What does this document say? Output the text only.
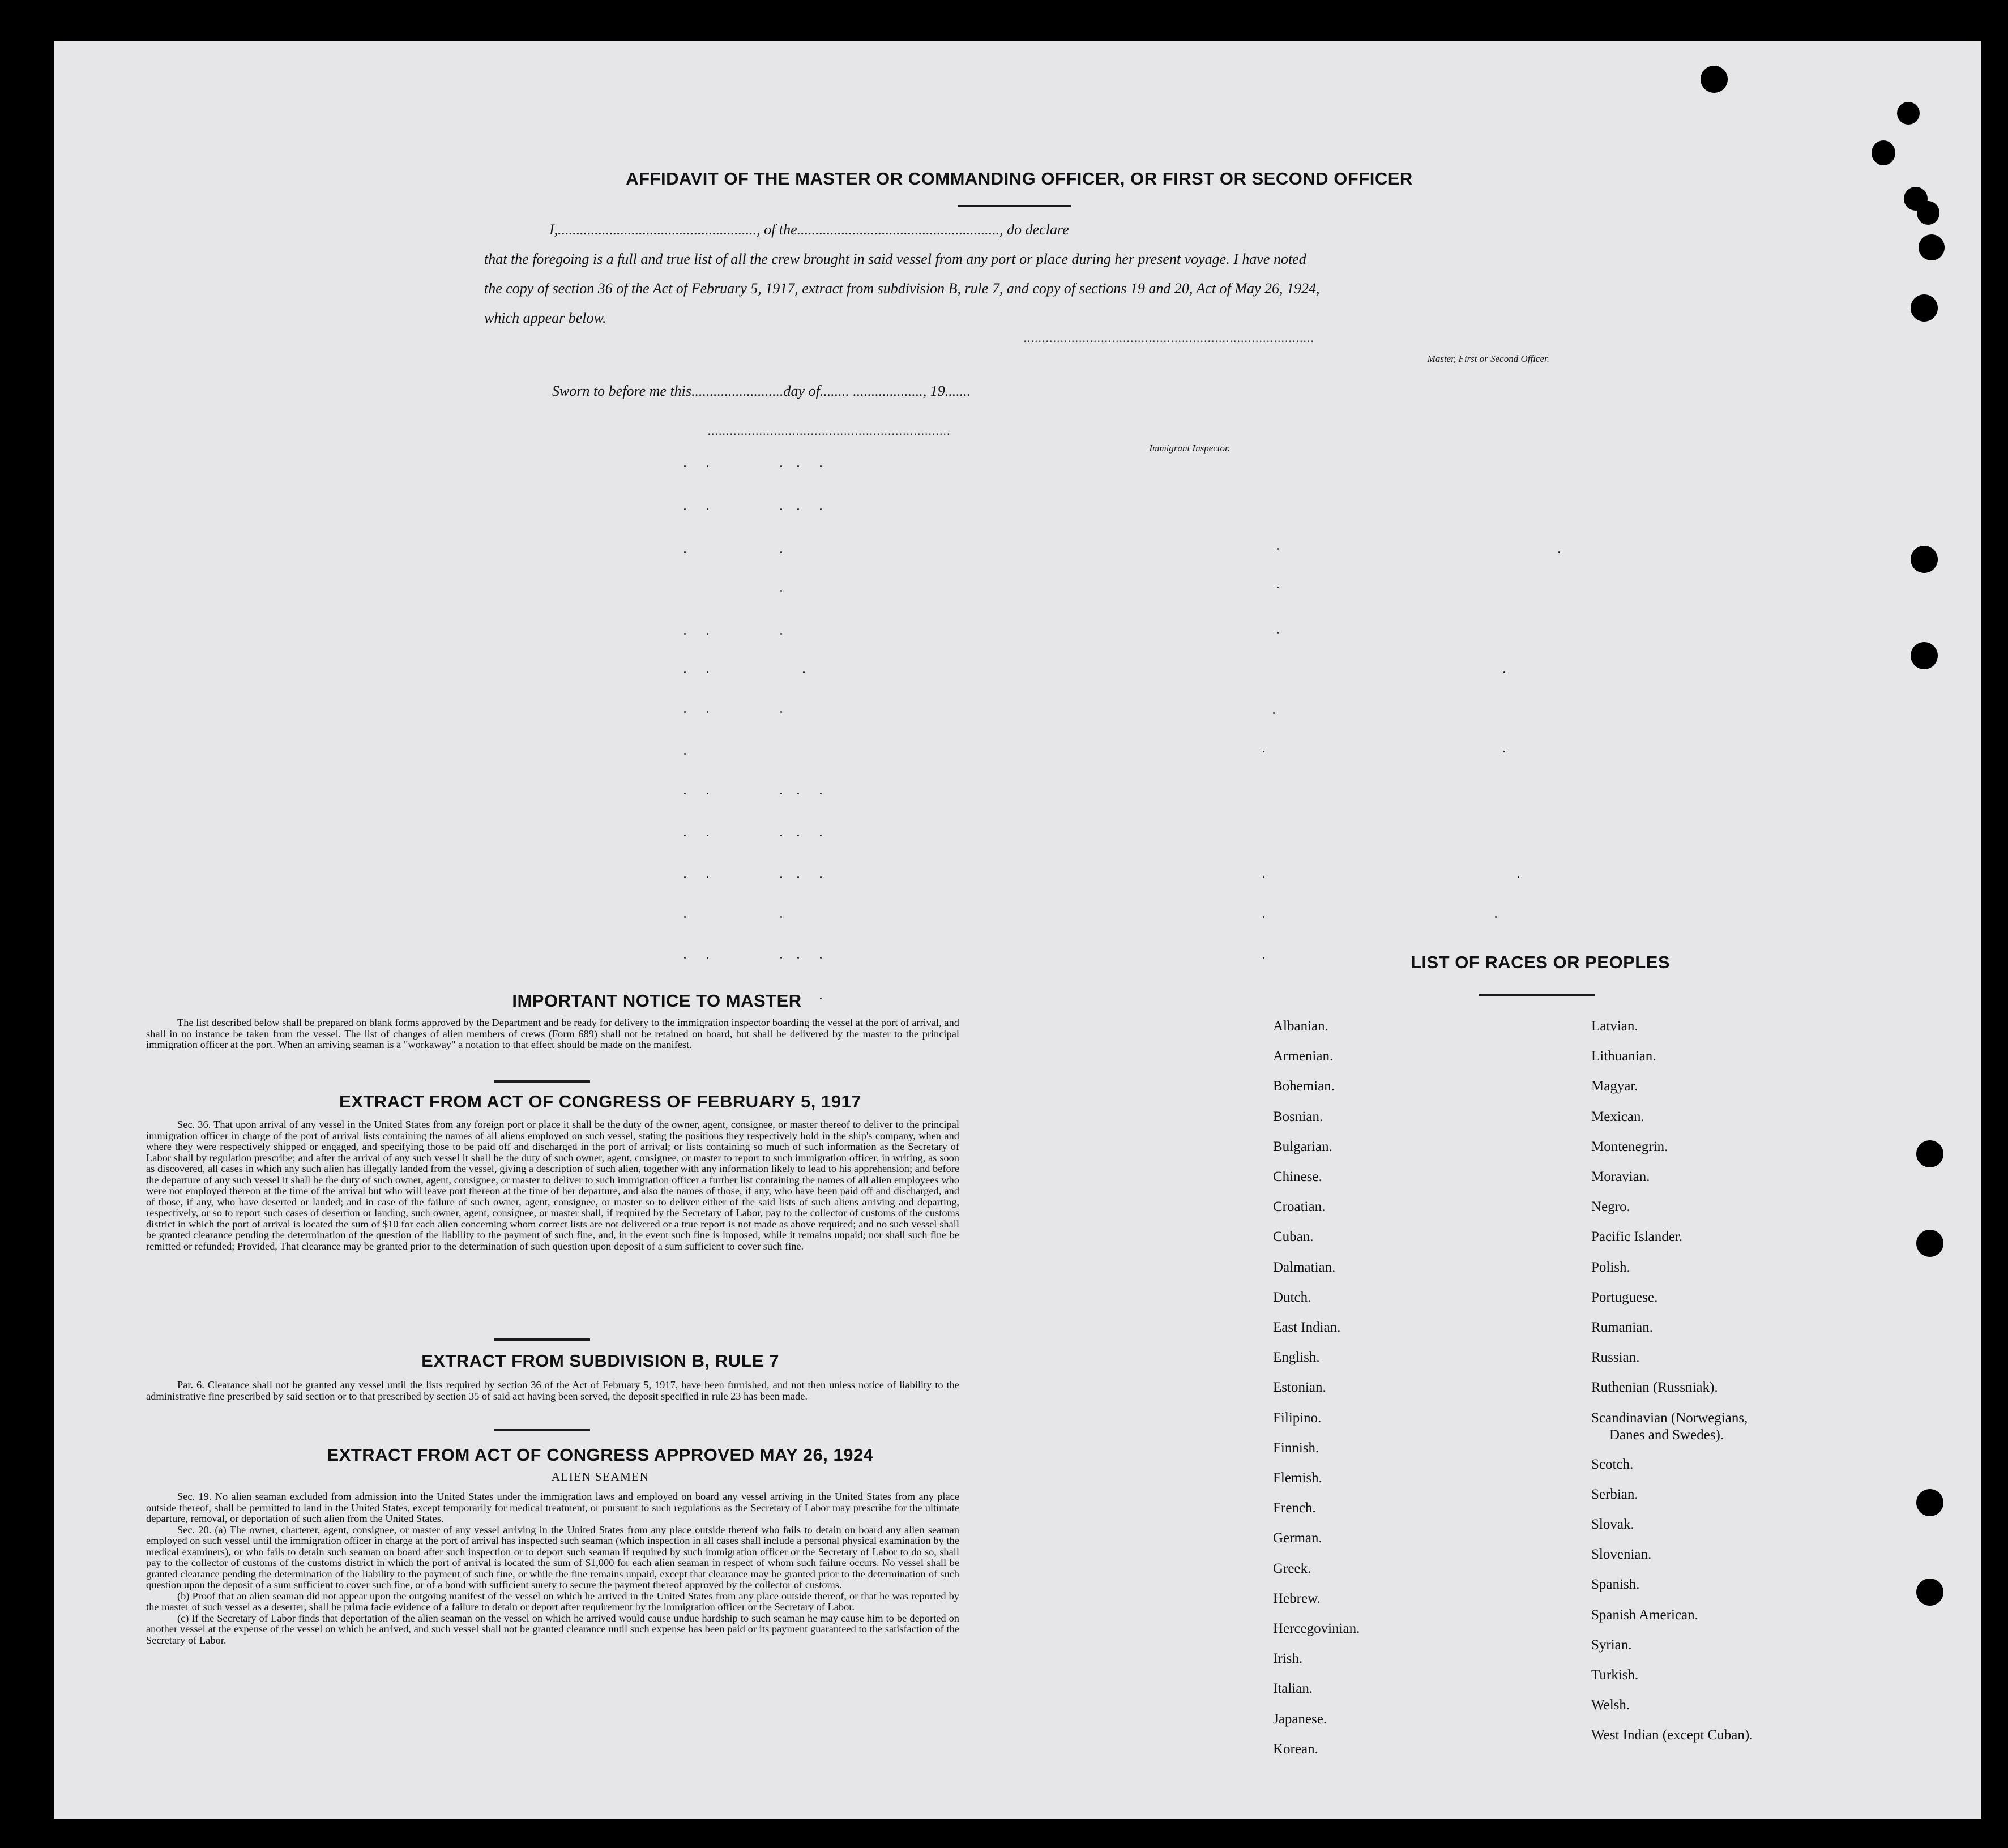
AFFIDAVIT OF THE MASTER OR COMMANDING OFFICER, OR FIRST OR SECOND OFFICER

I,......................................................, of the......................................................., do declare

that the foregoing is a full and true list of all the crew brought in said vessel from any port or place during her present voyage. I have noted

the copy of section 36 of the Act of February 5, 1917, extract from subdivision B, rule 7, and copy of sections 19 and 20, Act of May 26, 1924,

which appear below.

...............................................................................
Master, First or Second Officer.
Sworn to before me this.........................day of........ ..................., 19.......
..................................................................
Immigrant Inspector.
IMPORTANT NOTICE TO MASTER

The list described below shall be prepared on blank forms approved by the Department and be ready for delivery to the immigration inspector boarding the vessel at the port of arrival, and shall in no instance be taken from the vessel. The list of changes of alien members of crews (Form 689) shall not be retained on board, but shall be delivered by the master to the principal immigration officer at the port. When an arriving seaman is a "workaway" a notation to that effect should be made on the manifest.

EXTRACT FROM ACT OF CONGRESS OF FEBRUARY 5, 1917

Sec. 36. That upon arrival of any vessel in the United States from any foreign port or place it shall be the duty of the owner, agent, consignee, or master thereof to deliver to the principal immigration officer in charge of the port of arrival lists containing the names of all aliens employed on such vessel, stating the positions they respectively hold in the ship's company, when and where they were respectively shipped or engaged, and specifying those to be paid off and discharged in the port of arrival; or lists containing so much of such information as the Secretary of Labor shall by regulation prescribe; and after the arrival of any such vessel it shall be the duty of such owner, agent, consignee, or master to report to such immigration officer, in writing, as soon as discovered, all cases in which any such alien has illegally landed from the vessel, giving a description of such alien, together with any information likely to lead to his apprehension; and before the departure of any such vessel it shall be the duty of such owner, agent, consignee, or master to deliver to such immigration officer a further list containing the names of all alien employees who were not employed thereon at the time of the arrival but who will leave port thereon at the time of her departure, and also the names of those, if any, who have been paid off and discharged, and of those, if any, who have deserted or landed; and in case of the failure of such owner, agent, consignee, or master so to deliver either of the said lists of such aliens arriving and departing, respectively, or so to report such cases of desertion or landing, such owner, agent, consignee, or master shall, if required by the Secretary of Labor, pay to the collector of customs of the customs district in which the port of arrival is located the sum of $10 for each alien concerning whom correct lists are not delivered or a true report is not made as above required; and no such vessel shall be granted clearance pending the determination of the question of the liability to the payment of such fine, and, in the event such fine is imposed, while it remains unpaid; nor shall such fine be remitted or refunded; Provided, That clearance may be granted prior to the determination of such question upon deposit of a sum sufficient to cover such fine.

EXTRACT FROM SUBDIVISION B, RULE 7

Par. 6. Clearance shall not be granted any vessel until the lists required by section 36 of the Act of February 5, 1917, have been furnished, and not then unless notice of liability to the administrative fine prescribed by said section or to that prescribed by section 35 of said act having been served, the deposit specified in rule 23 has been made.

EXTRACT FROM ACT OF CONGRESS APPROVED MAY 26, 1924
ALIEN SEAMEN

Sec. 19. No alien seaman excluded from admission into the United States under the immigration laws and employed on board any vessel arriving in the United States from any place outside thereof, shall be permitted to land in the United States, except temporarily for medical treatment, or pursuant to such regulations as the Secretary of Labor may prescribe for the ultimate departure, removal, or deportation of such alien from the United States.

Sec. 20. (a) The owner, charterer, agent, consignee, or master of any vessel arriving in the United States from any place outside thereof who fails to detain on board any alien seaman employed on such vessel until the immigration officer in charge at the port of arrival has inspected such seaman (which inspection in all cases shall include a personal physical examination by the medical examiners), or who fails to detain such seaman on board after such inspection or to deport such seaman if required by such immigration officer or the Secretary of Labor to do so, shall pay to the collector of customs of the customs district in which the port of arrival is located the sum of $1,000 for each alien seaman in respect of whom such failure occurs. No vessel shall be granted clearance pending the determination of the liability to the payment of such fine, or while the fine remains unpaid, except that clearance may be granted prior to the determination of such question upon the deposit of a sum sufficient to cover such fine, or of a bond with sufficient surety to secure the payment thereof approved by the collector of customs.

(b) Proof that an alien seaman did not appear upon the outgoing manifest of the vessel on which he arrived in the United States from any place outside thereof, or that he was reported by the master of such vessel as a deserter, shall be prima facie evidence of a failure to detain or deport after requirement by the immigration officer or the Secretary of Labor.

(c) If the Secretary of Labor finds that deportation of the alien seaman on the vessel on which he arrived would cause undue hardship to such seaman he may cause him to be deported on another vessel at the expense of the vessel on which he arrived, and such vessel shall not be granted clearance until such expense has been paid or its payment guaranteed to the satisfaction of the Secretary of Labor.

LIST OF RACES OR PEOPLES
Albanian.
Armenian.
Bohemian.
Bosnian.
Bulgarian.
Chinese.
Croatian.
Cuban.
Dalmatian.
Dutch.
East Indian.
English.
Estonian.
Filipino.
Finnish.
Flemish.
French.
German.
Greek.
Hebrew.
Hercegovinian.
Irish.
Italian.
Japanese.
Korean.
Latvian.
Lithuanian.
Magyar.
Mexican.
Montenegrin.
Moravian.
Negro.
Pacific Islander.
Polish.
Portuguese.
Rumanian.
Russian.
Ruthenian (Russniak).
Scandinavian (Norwegians,
Danes and Swedes).
Scotch.
Serbian.
Slovak.
Slovenian.
Spanish.
Spanish American.
Syrian.
Turkish.
Welsh.
West Indian (except Cuban).
